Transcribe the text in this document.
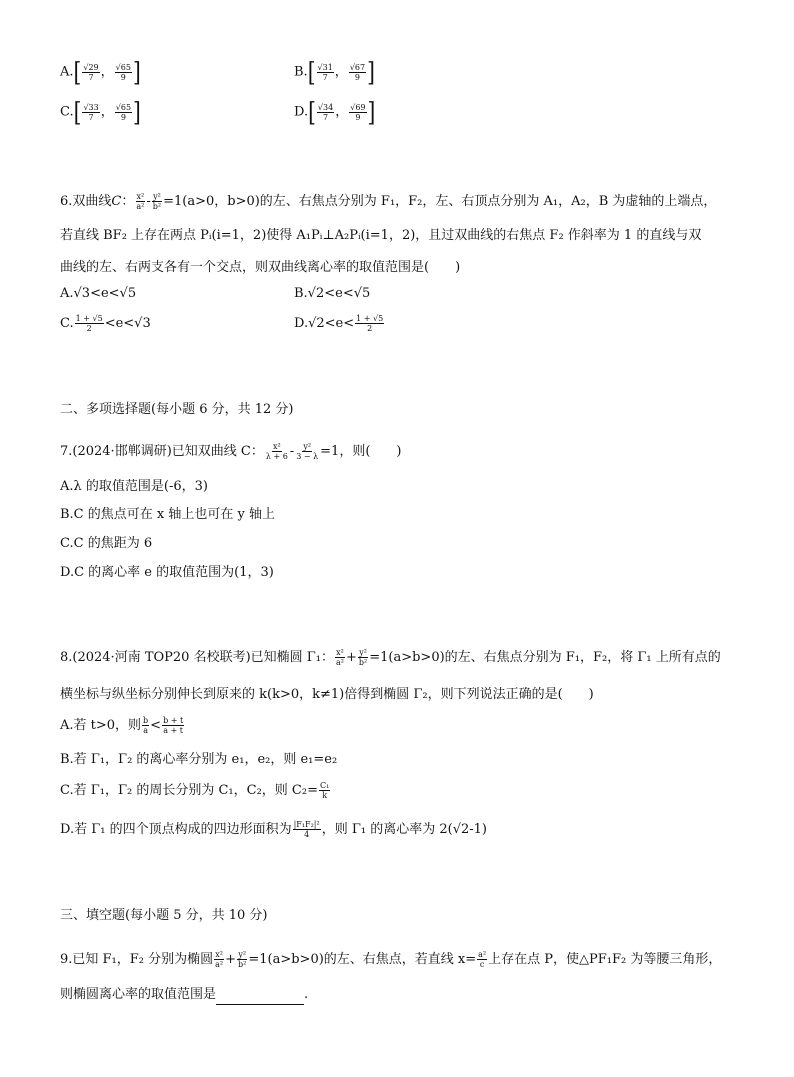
$A.[ \frac{√29}{7}$ ， $\frac{√65}{9}$ ]	$B.[ \frac{√31}{7}$ ， $\frac{√67}{9}$ ]
$C.[ \frac{√33}{7}$ ， $\frac{√65}{9}$ ]	$D.[ \frac{√34}{7}$ ， $\frac{√69}{9}$ ]
6.双曲线C： $\frac{\text{x²}}{\text{a²}} - \frac{\text{y²}}{\text{b²}} =1(a>0$，b>0)的左、右焦点分别为 F₁，F₂，左、右顶点分别为 A₁，A₂，B 为虚轴的上端点，
若直线 BF₂ 上存在两点 Pᵢ(i=1，2)使得 A₁Pᵢ⊥A₂Pᵢ(i=1，2)，且过双曲线的右焦点 F₂ 作斜率为 1 的直线与双
曲线的左、右两支各有一个交点，则双曲线离心率的取值范围是(　　)
A.√3<e<√5	B.√2<e<√5
C. $\frac{1 + √5}{2} <e<√3$	$D.√2<e< \frac{1 + √5}{2}$
二、多项选择题(每小题 6 分，共 12 分)
7.(2024·邯郸调研)已知双曲线 C： $\frac{\text{x²}}{\lambda + 6} - \frac{\text{y²}}{3 - \lambda} =1$，则(　　)
A.λ 的取值范围是(-6，3)
B.C 的焦点可在 x 轴上也可在 y 轴上
C.C 的焦距为 6
D.C 的离心率 e 的取值范围为(1，3)
8.(2024·河南 TOP20 名校联考)已知椭圆 Γ₁： $\frac{\text{x²}}{\text{a²}} + \frac{\text{y²}}{\text{b²}} =1(a>b>0)$的左、右焦点分别为 F₁，F₂，将 Γ₁ 上所有点的
横坐标与纵坐标分别伸长到原来的 k(k>0，k≠1)倍得到椭圆 Γ₂，则下列说法正确的是(　　)
A.若 t>0，则 $\frac{b}{a} < \frac{b + t}{a + t}$
B.若 Γ₁，Γ₂ 的离心率分别为 e₁，e₂，则 e₁=e₂
C.若 Γ₁，Γ₂ 的周长分别为 C₁，C₂，则 $C_2= \frac{\text{C₁}}{k}$
D.若 Γ₁ 的四个顶点构成的四边形面积为 $\frac{\text{|F₁F₂|²}}{4}$ ，则 Γ₁ 的离心率为 2(√2-1)
三、填空题(每小题 5 分，共 10 分)
9.已知 F₁，F₂ 分别为椭圆 $\frac{\text{x²}}{\text{a²}} + \frac{\text{y²}}{\text{b²}} =1(a>b>0)$的左、右焦点，若直线 $x= \frac{\text{a²}}{c}$ 上存在点 P，使△PF₁F₂ 为等腰三角形，
则椭圆离心率的取值范围是	.
